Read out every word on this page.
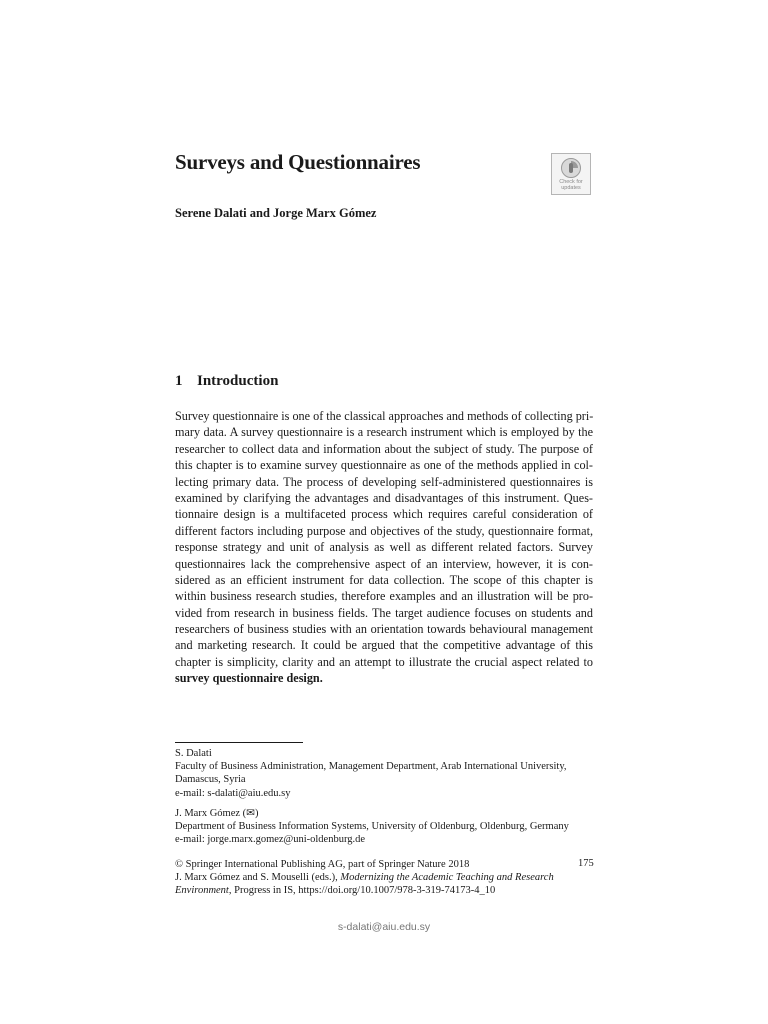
Surveys and Questionnaires
Check for
updates
Serene Dalati and Jorge Marx Gómez
1 Introduction
Survey questionnaire is one of the classical approaches and methods of collecting pri-
mary data. A survey questionnaire is a research instrument which is employed by the
researcher to collect data and information about the subject of study. The purpose of
this chapter is to examine survey questionnaire as one of the methods applied in col-
lecting primary data. The process of developing self-administered questionnaires is
examined by clarifying the advantages and disadvantages of this instrument. Ques-
tionnaire design is a multifaceted process which requires careful consideration of
different factors including purpose and objectives of the study, questionnaire format,
response strategy and unit of analysis as well as different related factors. Survey
questionnaires lack the comprehensive aspect of an interview, however, it is con-
sidered as an efficient instrument for data collection. The scope of this chapter is
within business research studies, therefore examples and an illustration will be pro-
vided from research in business fields. The target audience focuses on students and
researchers of business studies with an orientation towards behavioural management
and marketing research. It could be argued that the competitive advantage of this
chapter is simplicity, clarity and an attempt to illustrate the crucial aspect related to
survey questionnaire design.
S. Dalati
Faculty of Business Administration, Management Department, Arab International University,
Damascus, Syria
e-mail: s-dalati@aiu.edu.sy
J. Marx Gómez (✉)
Department of Business Information Systems, University of Oldenburg, Oldenburg, Germany
e-mail: jorge.marx.gomez@uni-oldenburg.de
© Springer International Publishing AG, part of Springer Nature 2018
J. Marx Gómez and S. Mouselli (eds.), Modernizing the Academic Teaching and Research
Environment, Progress in IS, https://doi.org/10.1007/978-3-319-74173-4_10
175
s-dalati@aiu.edu.sy
